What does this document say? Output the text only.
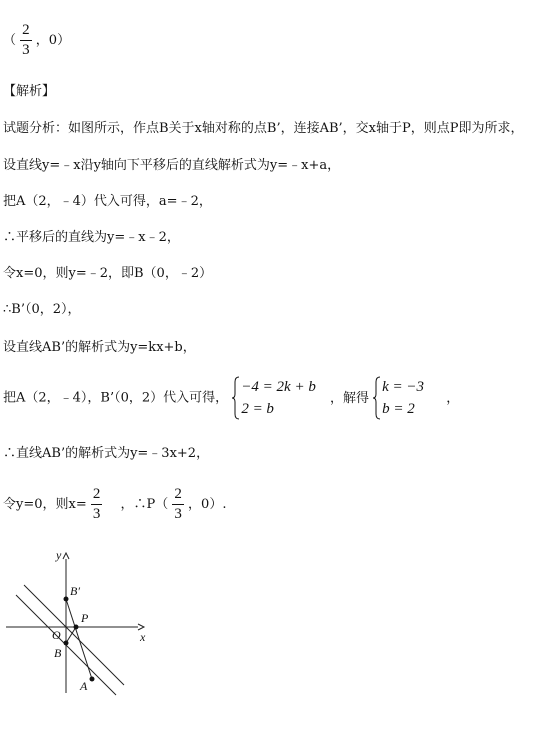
（ $\frac{2}{3}$ ，0）
【解析】
试题分析：如图所示，作点B关于x轴对称的点B’，连接AB’，交x轴于P，则点P即为所求，
设直线y=﹣x沿y轴向下平移后的直线解析式为y=﹣x+a，
把A（2，﹣4）代入可得，a=﹣2，
∴平移后的直线为y=﹣x﹣2，
令x=0，则y=﹣2，即B（0，﹣2）
∴B’（0，2），
设直线AB’的解析式为y=kx+b，
把A（2，﹣4），B’（0，2）代入可得，
−4 = 2k + b
2 = b
，解得
k = −3
b = 2
，
∴直线AB’的解析式为y=﹣3x+2，
令y=0，则$x= \frac{2}{3}$ ，∴P（ $\frac{2}{3}$ ，0）.
y
x
B′
P
O
B
A
